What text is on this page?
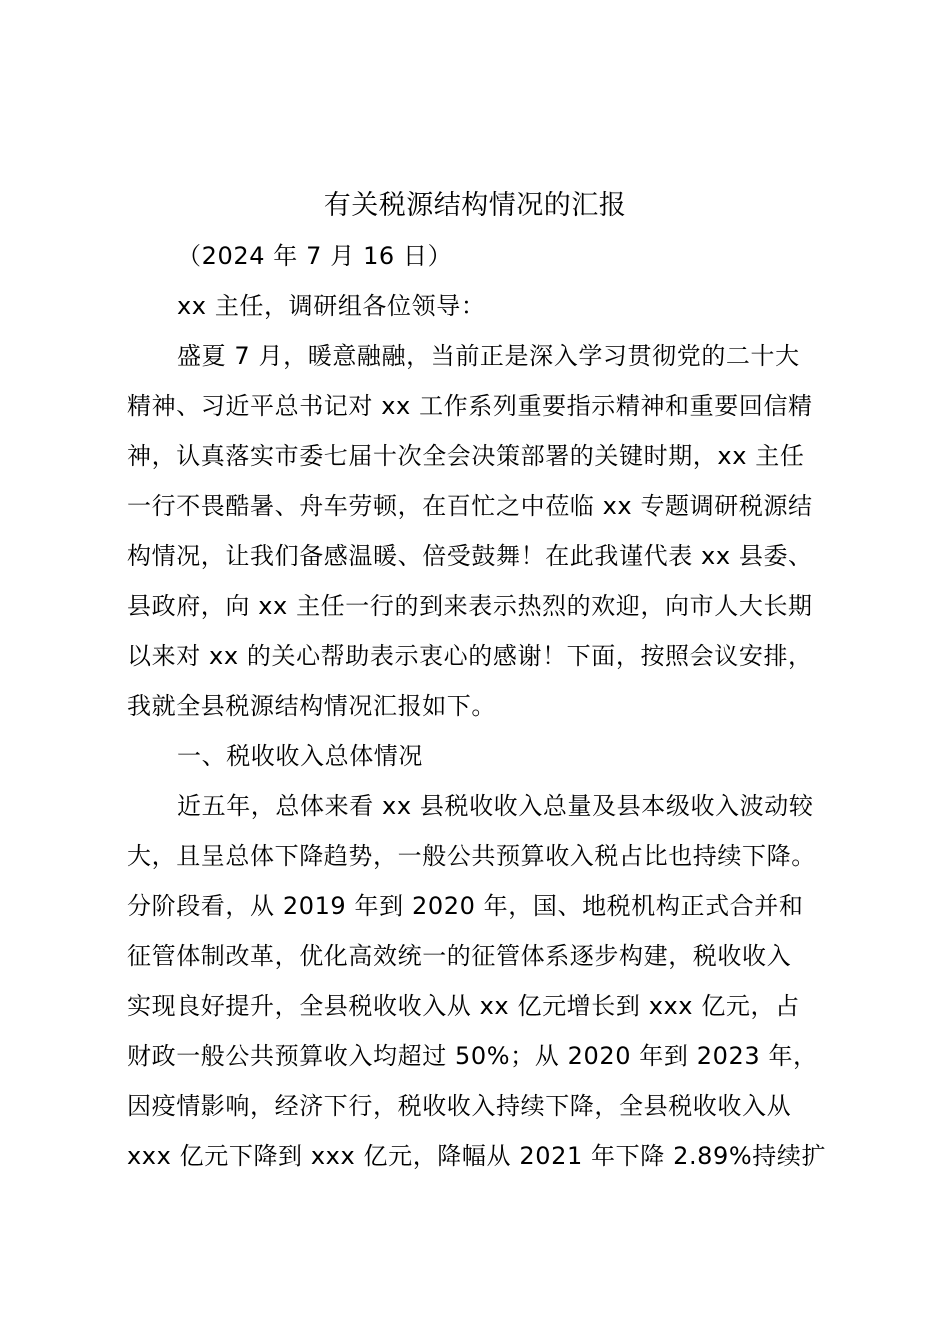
有关税源结构情况的汇报
（2024 年 7 月 16 日）
xx 主任，调研组各位领导：
盛夏 7 月，暖意融融，当前正是深入学习贯彻党的二十大
精神、习近平总书记对 xx 工作系列重要指示精神和重要回信精
神，认真落实市委七届十次全会决策部署的关键时期，xx 主任
一行不畏酷暑、舟车劳顿，在百忙之中莅临 xx 专题调研税源结
构情况，让我们备感温暖、倍受鼓舞！在此我谨代表 xx 县委、
县政府，向 xx 主任一行的到来表示热烈的欢迎，向市人大长期
以来对 xx 的关心帮助表示衷心的感谢！下面，按照会议安排，
我就全县税源结构情况汇报如下。
一、税收收入总体情况
近五年，总体来看 xx 县税收收入总量及县本级收入波动较
大，且呈总体下降趋势，一般公共预算收入税占比也持续下降。
分阶段看，从 2019 年到 2020 年，国、地税机构正式合并和
征管体制改革，优化高效统一的征管体系逐步构建，税收收入
实现良好提升，全县税收收入从 xx 亿元增长到 xxx 亿元，占
财政一般公共预算收入均超过 50%；从 2020 年到 2023 年，
因疫情影响，经济下行，税收收入持续下降，全县税收收入从
xxx 亿元下降到 xxx 亿元，降幅从 2021 年下降 2.89%持续扩
